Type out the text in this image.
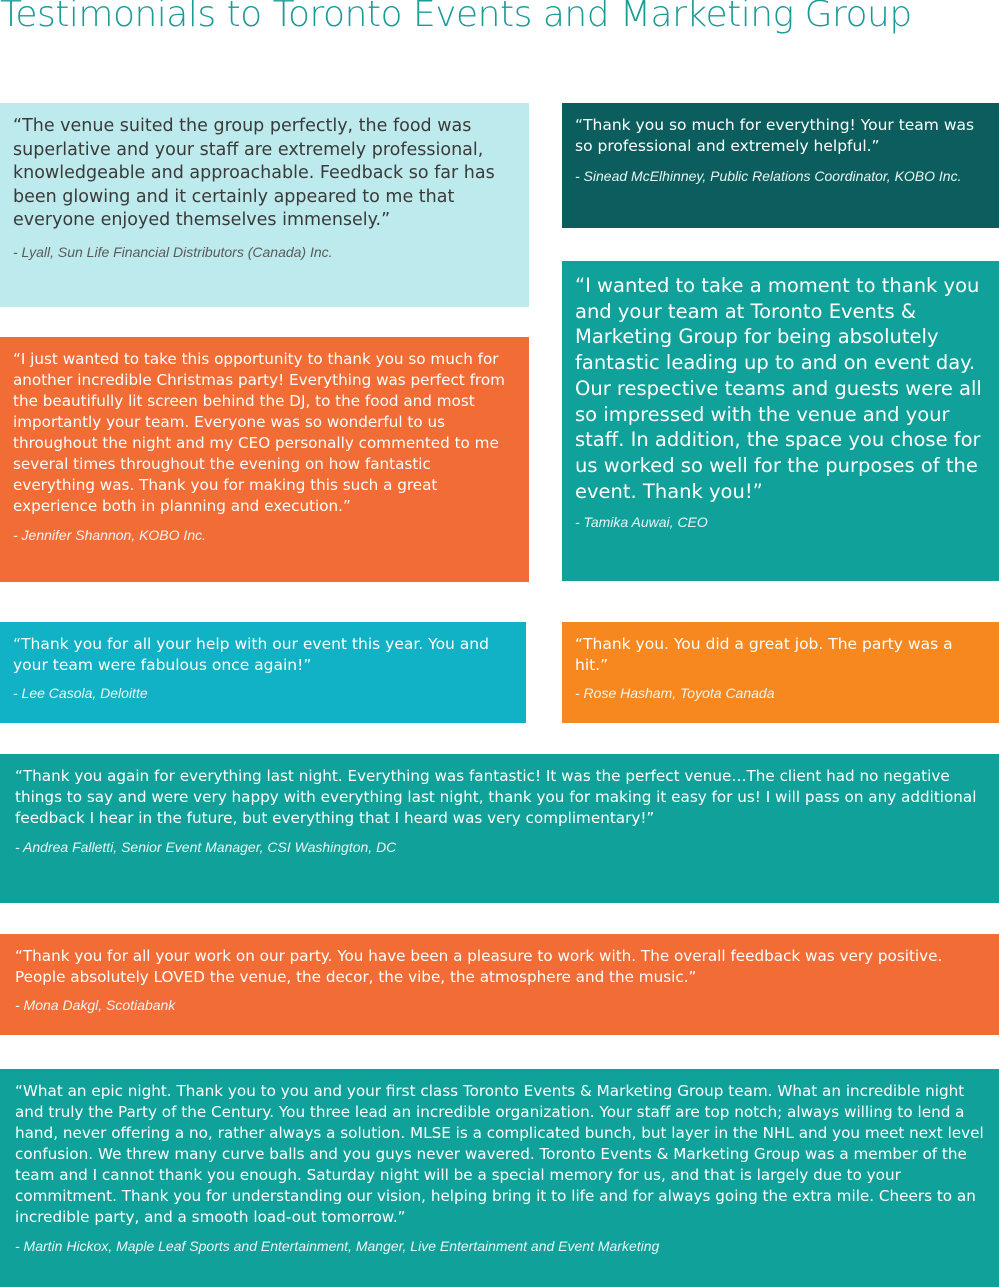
Testimonials to Toronto Events and Marketing Group

“The venue suited the group perfectly, the food was superlative and your staff are extremely professional, knowledgeable and approachable. Feedback so far has been glowing and it certainly appeared to me that everyone enjoyed themselves immensely.”

- Lyall, Sun Life Financial Distributors (Canada) Inc.

“Thank you so much for everything! Your team was so professional and extremely helpful.”

- Sinead McElhinney, Public Relations Coordinator, KOBO Inc.

“I wanted to take a moment to thank you and your team at Toronto Events & Marketing Group for being absolutely fantastic leading up to and on event day. Our respective teams and guests were all so impressed with the venue and your staff. In addition, the space you chose for us worked so well for the purposes of the event. Thank you!”

- Tamika Auwai, CEO

“I just wanted to take this opportunity to thank you so much for another incredible Christmas party! Everything was perfect from the beautifully lit screen behind the DJ, to the food and most importantly your team. Everyone was so wonderful to us throughout the night and my CEO personally commented to me several times throughout the evening on how fantastic everything was. Thank you for making this such a great experience both in planning and execution.”

- Jennifer Shannon, KOBO Inc.

“Thank you for all your help with our event this year. You and your team were fabulous once again!”

- Lee Casola, Deloitte

“Thank you. You did a great job. The party was a hit.”

- Rose Hasham, Toyota Canada

“Thank you again for everything last night. Everything was fantastic! It was the perfect venue…The client had no negative things to say and were very happy with everything last night, thank you for making it easy for us! I will pass on any additional feedback I hear in the future, but everything that I heard was very complimentary!”

- Andrea Falletti, Senior Event Manager, CSI Washington, DC

“Thank you for all your work on our party. You have been a pleasure to work with. The overall feedback was very positive. People absolutely LOVED the venue, the decor, the vibe, the atmosphere and the music.”

- Mona Dakgl, Scotiabank

“What an epic night. Thank you to you and your first class Toronto Events & Marketing Group team. What an incredible night and truly the Party of the Century. You three lead an incredible organization. Your staff are top notch; always willing to lend a hand, never offering a no, rather always a solution. MLSE is a complicated bunch, but layer in the NHL and you meet next level confusion. We threw many curve balls and you guys never wavered. Toronto Events & Marketing Group was a member of the team and I cannot thank you enough. Saturday night will be a special memory for us, and that is largely due to your commitment. Thank you for understanding our vision, helping bring it to life and for always going the extra mile. Cheers to an incredible party, and a smooth load-out tomorrow.”

- Martin Hickox, Maple Leaf Sports and Entertainment, Manger, Live Entertainment and Event Marketing
